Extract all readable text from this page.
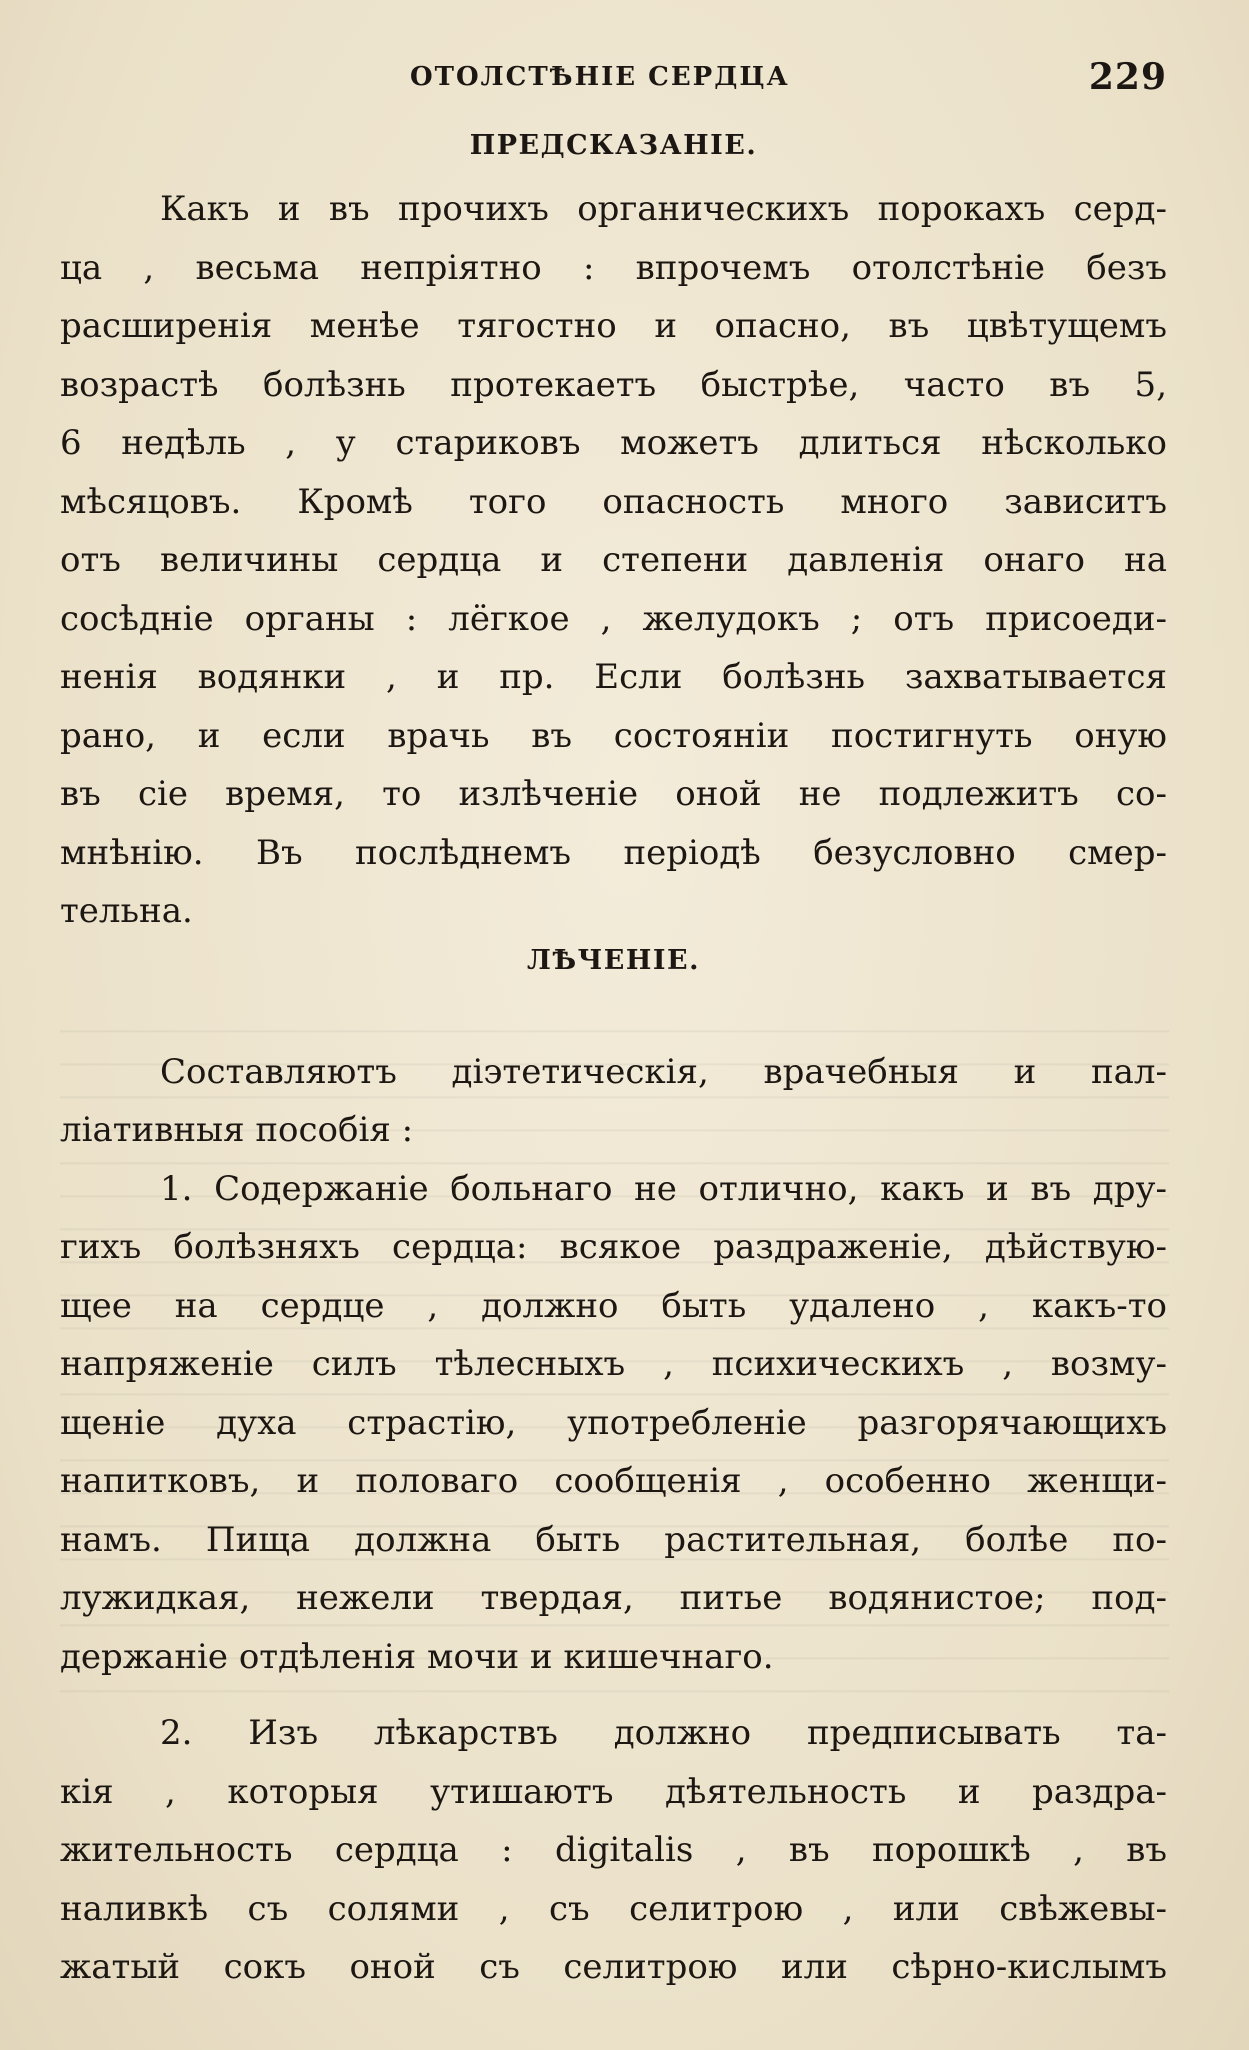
ОТОЛСТѢНІЕ СЕРДЦА	229
ПРЕДСКАЗАНІЕ.
Какъ и въ прочихъ органическихъ порокахъ серд-
ца , весьма непріятно : впрочемъ отолстѣніе безъ
расширенія менѣе тягостно и опасно, въ цвѣтущемъ
возрастѣ болѣзнь протекаетъ быстрѣе, часто въ 5,
6 недѣль , у стариковъ можетъ длиться нѣсколько
мѣсяцовъ. Кромѣ того опасность много зависитъ
отъ величины сердца и степени давленія онаго на
сосѣдніе органы : лёгкое , желудокъ ; отъ присоеди-
ненія водянки , и пр. Если болѣзнь захватывается
рано, и если врачь въ состояніи постигнуть оную
въ сіе время, то излѣченіе оной не подлежитъ со-
мнѣнію. Въ послѣднемъ періодѣ безусловно смер-
тельна.
ЛѢЧЕНІЕ.
Составляютъ діэтетическія, врачебныя и пал-
ліативныя пособія :
1. Содержаніе больнаго не отлично, какъ и въ дру-
гихъ болѣзняхъ сердца: всякое раздраженіе, дѣйствую-
щее на сердце , должно быть удалено , какъ-то
напряженіе силъ тѣлесныхъ , психическихъ , возму-
щеніе духа страстію, употребленіе разгорячающихъ
напитковъ, и половаго сообщенія , особенно женщи-
намъ. Пища должна быть растительная, болѣе по-
лужидкая, нежели твердая, питье водянистое; под-
держаніе отдѣленія мочи и кишечнаго.
2. Изъ лѣкарствъ должно предписывать та-
кія , которыя утишаютъ дѣятельность и раздра-
жительность сердца : digitalis , въ порошкѣ , въ
наливкѣ съ солями , съ селитрою , или свѣжевы-
жатый сокъ оной съ селитрою или сѣрно-кислымъ
